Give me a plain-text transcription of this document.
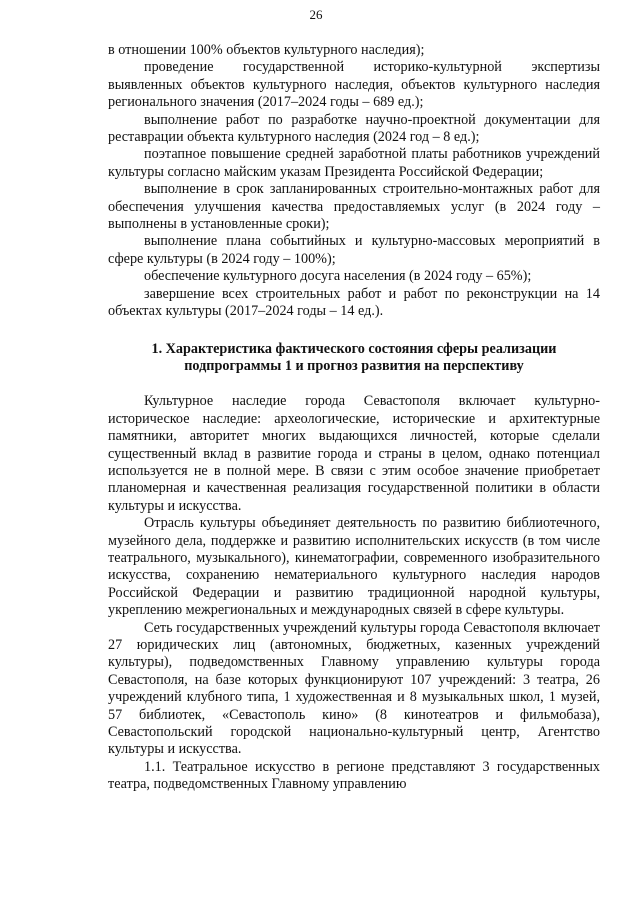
26

в отношении 100% объектов культурного наследия);

проведение государственной историко-культурной экспертизы выявленных объектов культурного наследия, объектов культурного наследия регионального значения (2017–2024 годы – 689 ед.);

выполнение работ по разработке научно-проектной документации для реставрации объекта культурного наследия (2024 год – 8 ед.);

поэтапное повышение средней заработной платы работников учреждений культуры согласно майским указам Президента Российской Федерации;

выполнение в срок запланированных строительно-монтажных работ для обеспечения улучшения качества предоставляемых услуг (в 2024 году – выполнены в установленные сроки);

выполнение плана событийных и культурно-массовых мероприятий в сфере культуры (в 2024 году – 100%);

обеспечение культурного досуга населения (в 2024 году – 65%);

завершение всех строительных работ и работ по реконструкции на 14 объектах культуры (2017–2024 годы – 14 ед.).

1. Характеристика фактического состояния сферы реализации
подпрограммы 1 и прогноз развития на перспективу

Культурное наследие города Севастополя включает культурно-историческое наследие: археологические, исторические и архитектурные памятники, авторитет многих выдающихся личностей, которые сделали существенный вклад в развитие города и страны в целом, однако потенциал используется не в полной мере. В связи с этим особое значение приобретает планомерная и качественная реализация государственной политики в области культуры и искусства.

Отрасль культуры объединяет деятельность по развитию библиотечного, музейного дела, поддержке и развитию исполнительских искусств (в том числе театрального, музыкального), кинематографии, современного изобразительного искусства, сохранению нематериального культурного наследия народов Российской Федерации и развитию традиционной народной культуры, укреплению межрегиональных и международных связей в сфере культуры.

Сеть государственных учреждений культуры города Севастополя включает 27 юридических лиц (автономных, бюджетных, казенных учреждений культуры), подведомственных Главному управлению культуры города Севастополя, на базе которых функционируют 107 учреждений: 3 театра, 26 учреждений клубного типа, 1 художественная и 8 музыкальных школ, 1 музей, 57 библиотек, «Севастополь кино» (8 кинотеатров и фильмобаза), Севастопольский городской национально-культурный центр, Агентство культуры и искусства.

1.1. Театральное искусство в регионе представляют 3 государственных театра, подведомственных Главному управлению
